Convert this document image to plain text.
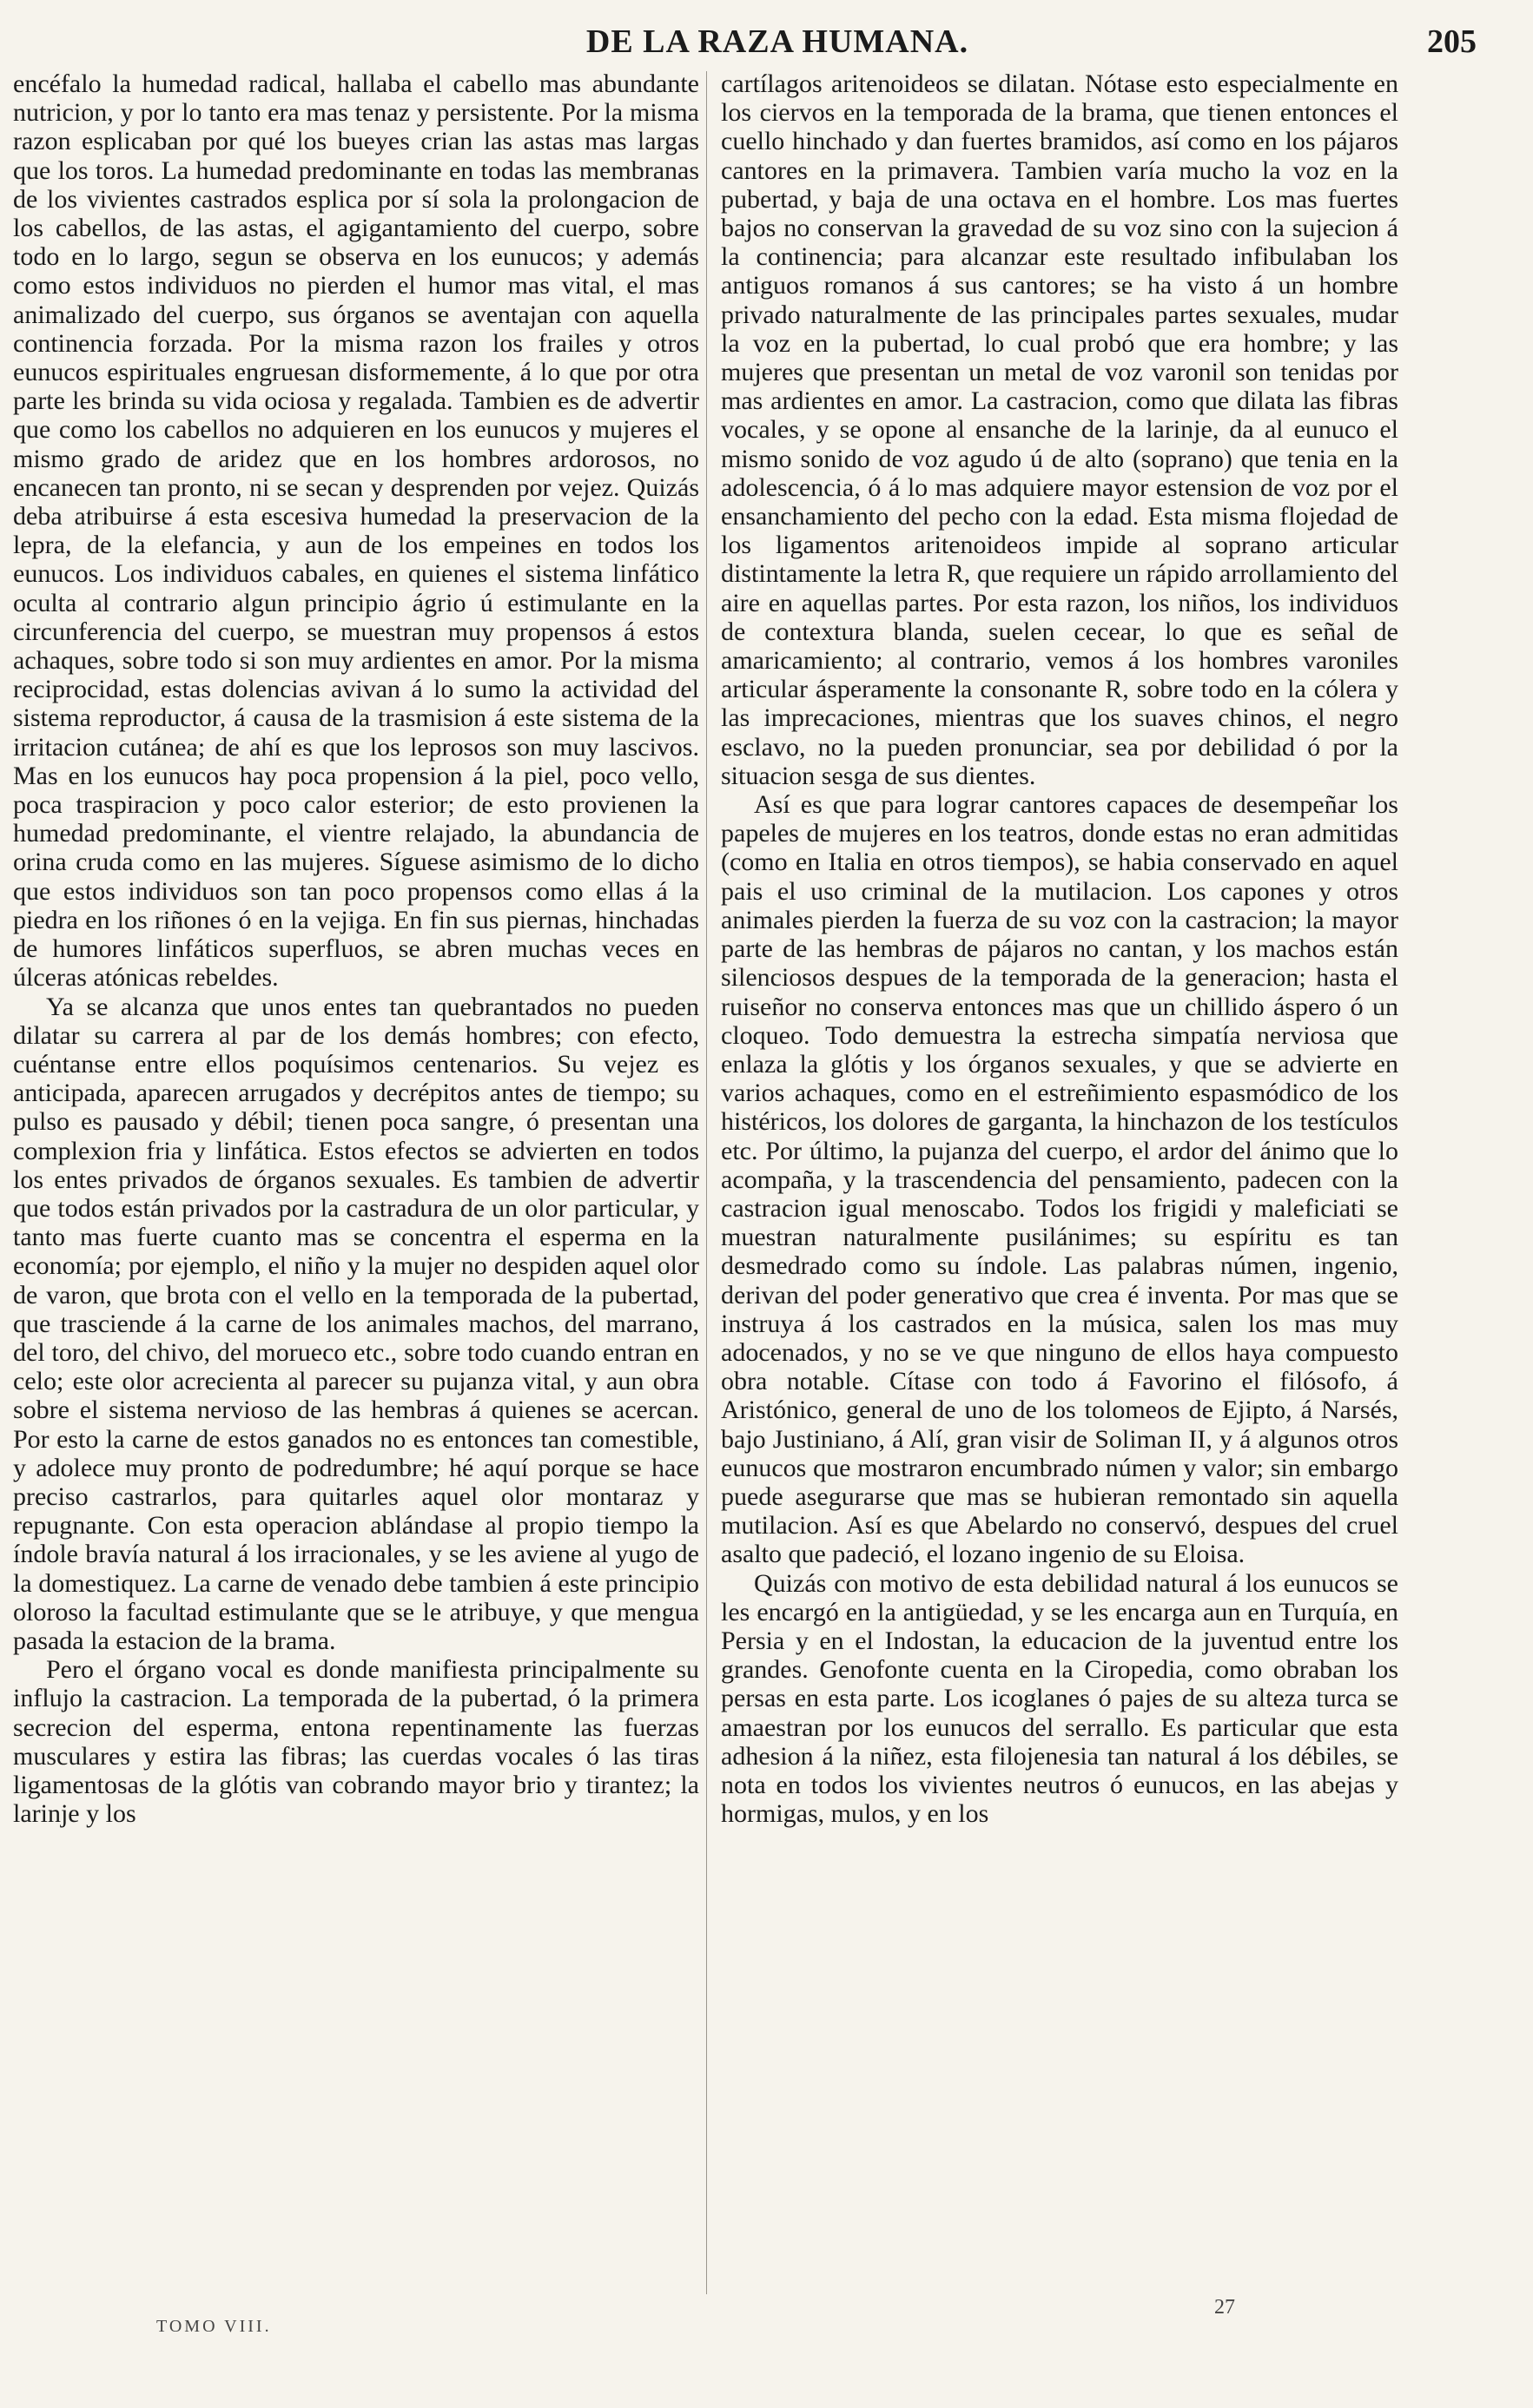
DE LA RAZA HUMANA.	205

encéfalo la humedad radical, hallaba el cabello mas abundante nutricion, y por lo tanto era mas tenaz y persistente. Por la misma razon esplicaban por qué los bueyes crian las astas mas largas que los toros. La humedad predominante en todas las membranas de los vivientes castrados esplica por sí sola la prolongacion de los cabellos, de las astas, el agigantamiento del cuerpo, sobre todo en lo largo, segun se observa en los eunucos; y además como estos individuos no pierden el humor mas vital, el mas animalizado del cuerpo, sus órganos se aventajan con aquella continencia forzada. Por la misma razon los frailes y otros eunucos espirituales engruesan disformemente, á lo que por otra parte les brinda su vida ociosa y regalada. Tambien es de advertir que como los cabellos no adquieren en los eunucos y mujeres el mismo grado de aridez que en los hombres ardorosos, no encanecen tan pronto, ni se secan y desprenden por vejez. Quizás deba atribuirse á esta escesiva humedad la preservacion de la lepra, de la elefancia, y aun de los empeines en todos los eunucos. Los individuos cabales, en quienes el sistema linfático oculta al contrario algun principio ágrio ú estimulante en la circunferencia del cuerpo, se muestran muy propensos á estos achaques, sobre todo si son muy ardientes en amor. Por la misma reciprocidad, estas dolencias avivan á lo sumo la actividad del sistema reproductor, á causa de la trasmision á este sistema de la irritacion cutánea; de ahí es que los leprosos son muy lascivos. Mas en los eunucos hay poca propension á la piel, poco vello, poca traspiracion y poco calor esterior; de esto provienen la humedad predominante, el vientre relajado, la abundancia de orina cruda como en las mujeres. Síguese asimismo de lo dicho que estos individuos son tan poco propensos como ellas á la piedra en los riñones ó en la vejiga. En fin sus piernas, hinchadas de humores linfáticos superfluos, se abren muchas veces en úlceras atónicas rebeldes.

Ya se alcanza que unos entes tan quebrantados no pueden dilatar su carrera al par de los demás hombres; con efecto, cuéntanse entre ellos poquísimos centenarios. Su vejez es anticipada, aparecen arrugados y decrépitos antes de tiempo; su pulso es pausado y débil; tienen poca sangre, ó presentan una complexion fria y linfática. Estos efectos se advierten en todos los entes privados de órganos sexuales. Es tambien de advertir que todos están privados por la castradura de un olor particular, y tanto mas fuerte cuanto mas se concentra el esperma en la economía; por ejemplo, el niño y la mujer no despiden aquel olor de varon, que brota con el vello en la temporada de la pubertad, que trasciende á la carne de los animales machos, del marrano, del toro, del chivo, del morueco etc., sobre todo cuando entran en celo; este olor acrecienta al parecer su pujanza vital, y aun obra sobre el sistema nervioso de las hembras á quienes se acercan. Por esto la carne de estos ganados no es entonces tan comestible, y adolece muy pronto de podredumbre; hé aquí porque se hace preciso castrarlos, para quitarles aquel olor montaraz y repugnante. Con esta operacion ablándase al propio tiempo la índole bravía natural á los irracionales, y se les aviene al yugo de la domestiquez. La carne de venado debe tambien á este principio oloroso la facultad estimulante que se le atribuye, y que mengua pasada la estacion de la brama.

Pero el órgano vocal es donde manifiesta principalmente su influjo la castracion. La temporada de la pubertad, ó la primera secrecion del esperma, entona repentinamente las fuerzas musculares y estira las fibras; las cuerdas vocales ó las tiras ligamentosas de la glótis van cobrando mayor brio y tirantez; la larinje y los

cartílagos aritenoideos se dilatan. Nótase esto especialmente en los ciervos en la temporada de la brama, que tienen entonces el cuello hinchado y dan fuertes bramidos, así como en los pájaros cantores en la primavera. Tambien varía mucho la voz en la pubertad, y baja de una octava en el hombre. Los mas fuertes bajos no conservan la gravedad de su voz sino con la sujecion á la continencia; para alcanzar este resultado infibulaban los antiguos romanos á sus cantores; se ha visto á un hombre privado naturalmente de las principales partes sexuales, mudar la voz en la pubertad, lo cual probó que era hombre; y las mujeres que presentan un metal de voz varonil son tenidas por mas ardientes en amor. La castracion, como que dilata las fibras vocales, y se opone al ensanche de la larinje, da al eunuco el mismo sonido de voz agudo ú de alto (soprano) que tenia en la adolescencia, ó á lo mas adquiere mayor estension de voz por el ensanchamiento del pecho con la edad. Esta misma flojedad de los ligamentos aritenoideos impide al soprano articular distintamente la letra R, que requiere un rápido arrollamiento del aire en aquellas partes. Por esta razon, los niños, los individuos de contextura blanda, suelen cecear, lo que es señal de amaricamiento; al contrario, vemos á los hombres varoniles articular ásperamente la consonante R, sobre todo en la cólera y las imprecaciones, mientras que los suaves chinos, el negro esclavo, no la pueden pronunciar, sea por debilidad ó por la situacion sesga de sus dientes.

Así es que para lograr cantores capaces de desempeñar los papeles de mujeres en los teatros, donde estas no eran admitidas (como en Italia en otros tiempos), se habia conservado en aquel pais el uso criminal de la mutilacion. Los capones y otros animales pierden la fuerza de su voz con la castracion; la mayor parte de las hembras de pájaros no cantan, y los machos están silenciosos despues de la temporada de la generacion; hasta el ruiseñor no conserva entonces mas que un chillido áspero ó un cloqueo. Todo demuestra la estrecha simpatía nerviosa que enlaza la glótis y los órganos sexuales, y que se advierte en varios achaques, como en el estreñimiento espasmódico de los histéricos, los dolores de garganta, la hinchazon de los testículos etc. Por último, la pujanza del cuerpo, el ardor del ánimo que lo acompaña, y la trascendencia del pensamiento, padecen con la castracion igual menoscabo. Todos los frigidi y maleficiati se muestran naturalmente pusilánimes; su espíritu es tan desmedrado como su índole. Las palabras númen, ingenio, derivan del poder generativo que crea é inventa. Por mas que se instruya á los castrados en la música, salen los mas muy adocenados, y no se ve que ninguno de ellos haya compuesto obra notable. Cítase con todo á Favorino el filósofo, á Aristónico, general de uno de los tolomeos de Ejipto, á Narsés, bajo Justiniano, á Alí, gran visir de Soliman II, y á algunos otros eunucos que mostraron encumbrado númen y valor; sin embargo puede asegurarse que mas se hubieran remontado sin aquella mutilacion. Así es que Abelardo no conservó, despues del cruel asalto que padeció, el lozano ingenio de su Eloisa.

Quizás con motivo de esta debilidad natural á los eunucos se les encargó en la antigüedad, y se les encarga aun en Turquía, en Persia y en el Indostan, la educacion de la juventud entre los grandes. Genofonte cuenta en la Ciropedia, como obraban los persas en esta parte. Los icoglanes ó pajes de su alteza turca se amaestran por los eunucos del serrallo. Es particular que esta adhesion á la niñez, esta filojenesia tan natural á los débiles, se nota en todos los vivientes neutros ó eunucos, en las abejas y hormigas, mulos, y en los

TOMO VIII.
27
